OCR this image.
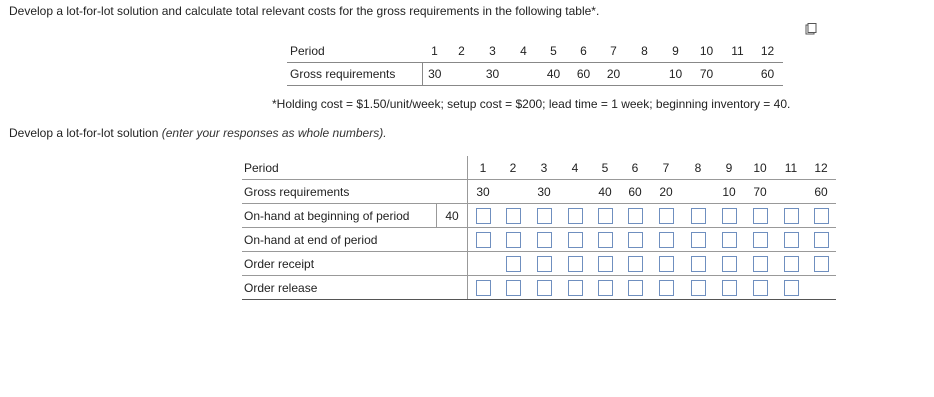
Develop a lot-for-lot solution and calculate total relevant costs for the gross requirements in the following table*.
Period	1	2	3	4	5	6	7	8	9	10	11	12
Gross requirements	30		30		40	60	20		10	70		60
*Holding cost = $1.50/unit/week; setup cost = $200; lead time = 1 week; beginning inventory = 40.
Develop a lot-for-lot solution (enter your responses as whole numbers).
Period		1	2	3	4	5	6	7	8	9	10	11	12
Gross requirements		30		30		40	60	20		10	70		60
On-hand at beginning of period	40												
On-hand at end of period													
Order receipt													
Order release													
